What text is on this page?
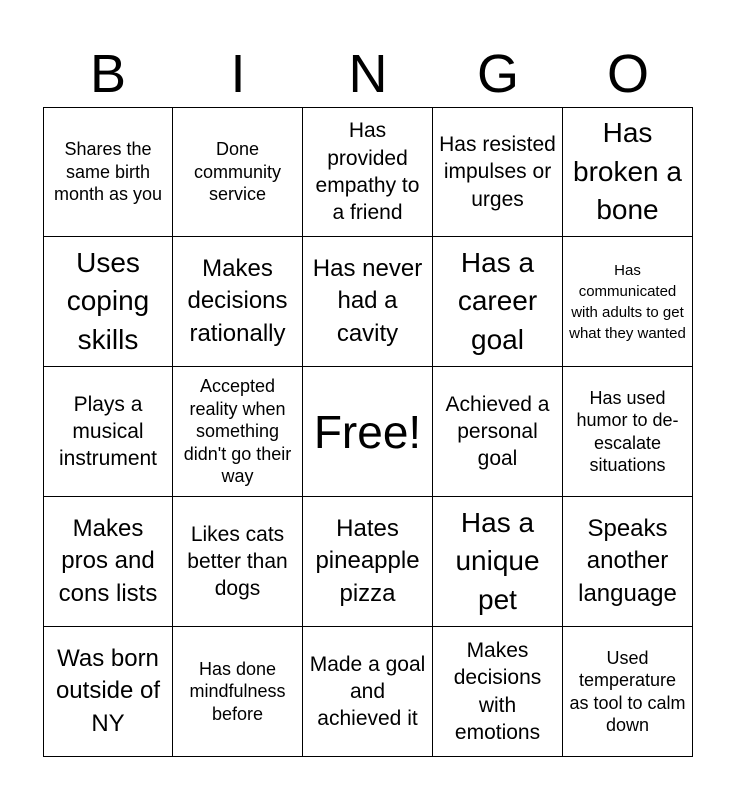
B	I	N	G	O
Shares the same birth month as you
Done community service
Has provided empathy to a friend
Has resisted impulses or urges
Has broken a bone
Uses coping skills
Makes decisions rationally
Has never had a cavity
Has a career goal
Has communicated with adults to get what they wanted
Plays a musical instrument
Accepted reality when something didn't go their way
Free!
Achieved a personal goal
Has used humor to de-escalate situations
Makes pros and cons lists
Likes cats better than dogs
Hates pineapple pizza
Has a unique pet
Speaks another language
Was born outside of NY
Has done mindfulness before
Made a goal and achieved it
Makes decisions with emotions
Used temperature as tool to calm down
